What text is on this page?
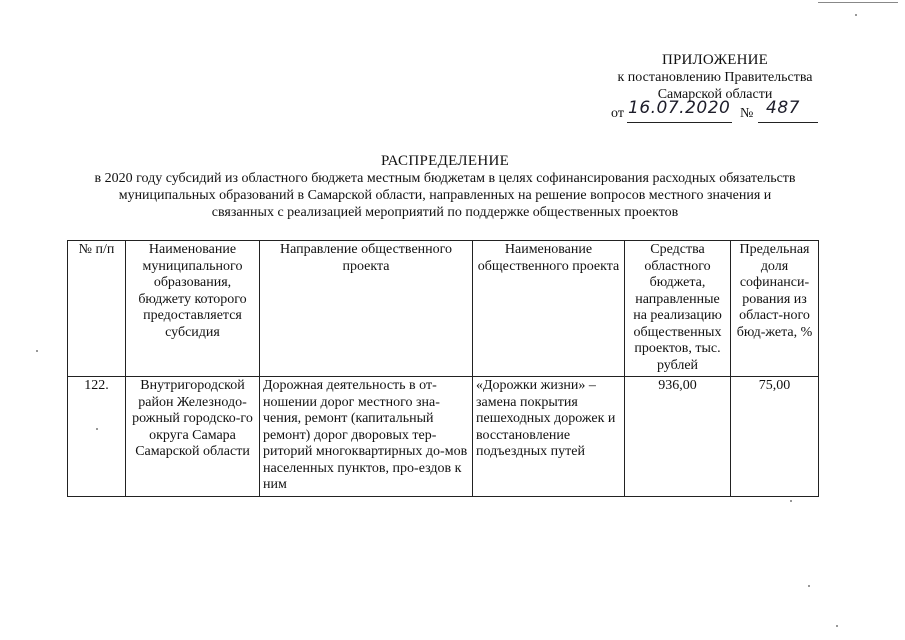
ПРИЛОЖЕНИЕ
к постановлению Правительства
Самарской области
от 16.07.2020 № 487
РАСПРЕДЕЛЕНИЕ
в 2020 году субсидий из областного бюджета местным бюджетам в целях софинансирования расходных обязательств
муниципальных образований в Самарской области, направленных на решение вопросов местного значения и
связанных с реализацией мероприятий по поддержке общественных проектов
№ п/п	Наименование муниципального образования, бюджету которого предоставляется субсидия	Направление общественного проекта	Наименование общественного проекта	Средства областного бюджета, направленные на реализацию общественных проектов, тыс. рублей	Предельная доля софинанси-рования из област-ного бюд-жета, %
122.	Внутригородской район Железнодо-рожный городско-го округа Самара Самарской области	Дорожная деятельность в от-ношении дорог местного зна-чения, ремонт (капитальный ремонт) дорог дворовых тер-риторий многоквартирных до-мов населенных пунктов, про-ездов к ним	«Дорожки жизни» – замена покрытия пешеходных дорожек и восстановление подъездных путей	936,00	75,00
